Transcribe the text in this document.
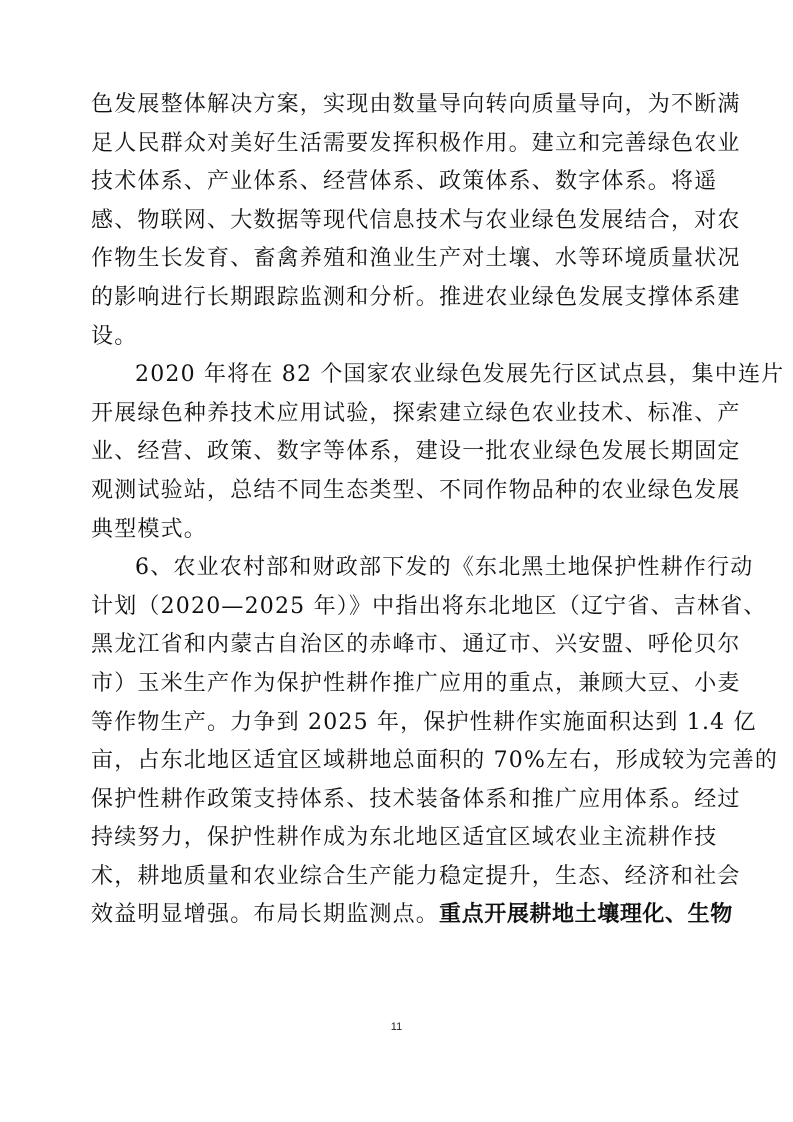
色发展整体解决方案，实现由数量导向转向质量导向，为不断满
足人民群众对美好生活需要发挥积极作用。建立和完善绿色农业
技术体系、产业体系、经营体系、政策体系、数字体系。将遥
感、物联网、大数据等现代信息技术与农业绿色发展结合，对农
作物生长发育、畜禽养殖和渔业生产对土壤、水等环境质量状况
的影响进行长期跟踪监测和分析。推进农业绿色发展支撑体系建
设。
2020 年将在 82 个国家农业绿色发展先行区试点县，集中连片
开展绿色种养技术应用试验，探索建立绿色农业技术、标准、产
业、经营、政策、数字等体系，建设一批农业绿色发展长期固定
观测试验站，总结不同生态类型、不同作物品种的农业绿色发展
典型模式。
6、农业农村部和财政部下发的《东北黑土地保护性耕作行动
计划（2020—2025 年）》中指出将东北地区（辽宁省、吉林省、
黑龙江省和内蒙古自治区的赤峰市、通辽市、兴安盟、呼伦贝尔
市）玉米生产作为保护性耕作推广应用的重点，兼顾大豆、小麦
等作物生产。力争到 2025 年，保护性耕作实施面积达到 1.4 亿
亩，占东北地区适宜区域耕地总面积的 70%左右，形成较为完善的
保护性耕作政策支持体系、技术装备体系和推广应用体系。经过
持续努力，保护性耕作成为东北地区适宜区域农业主流耕作技
术，耕地质量和农业综合生产能力稳定提升，生态、经济和社会
效益明显增强。布局长期监测点。重点开展耕地土壤理化、生物
11
